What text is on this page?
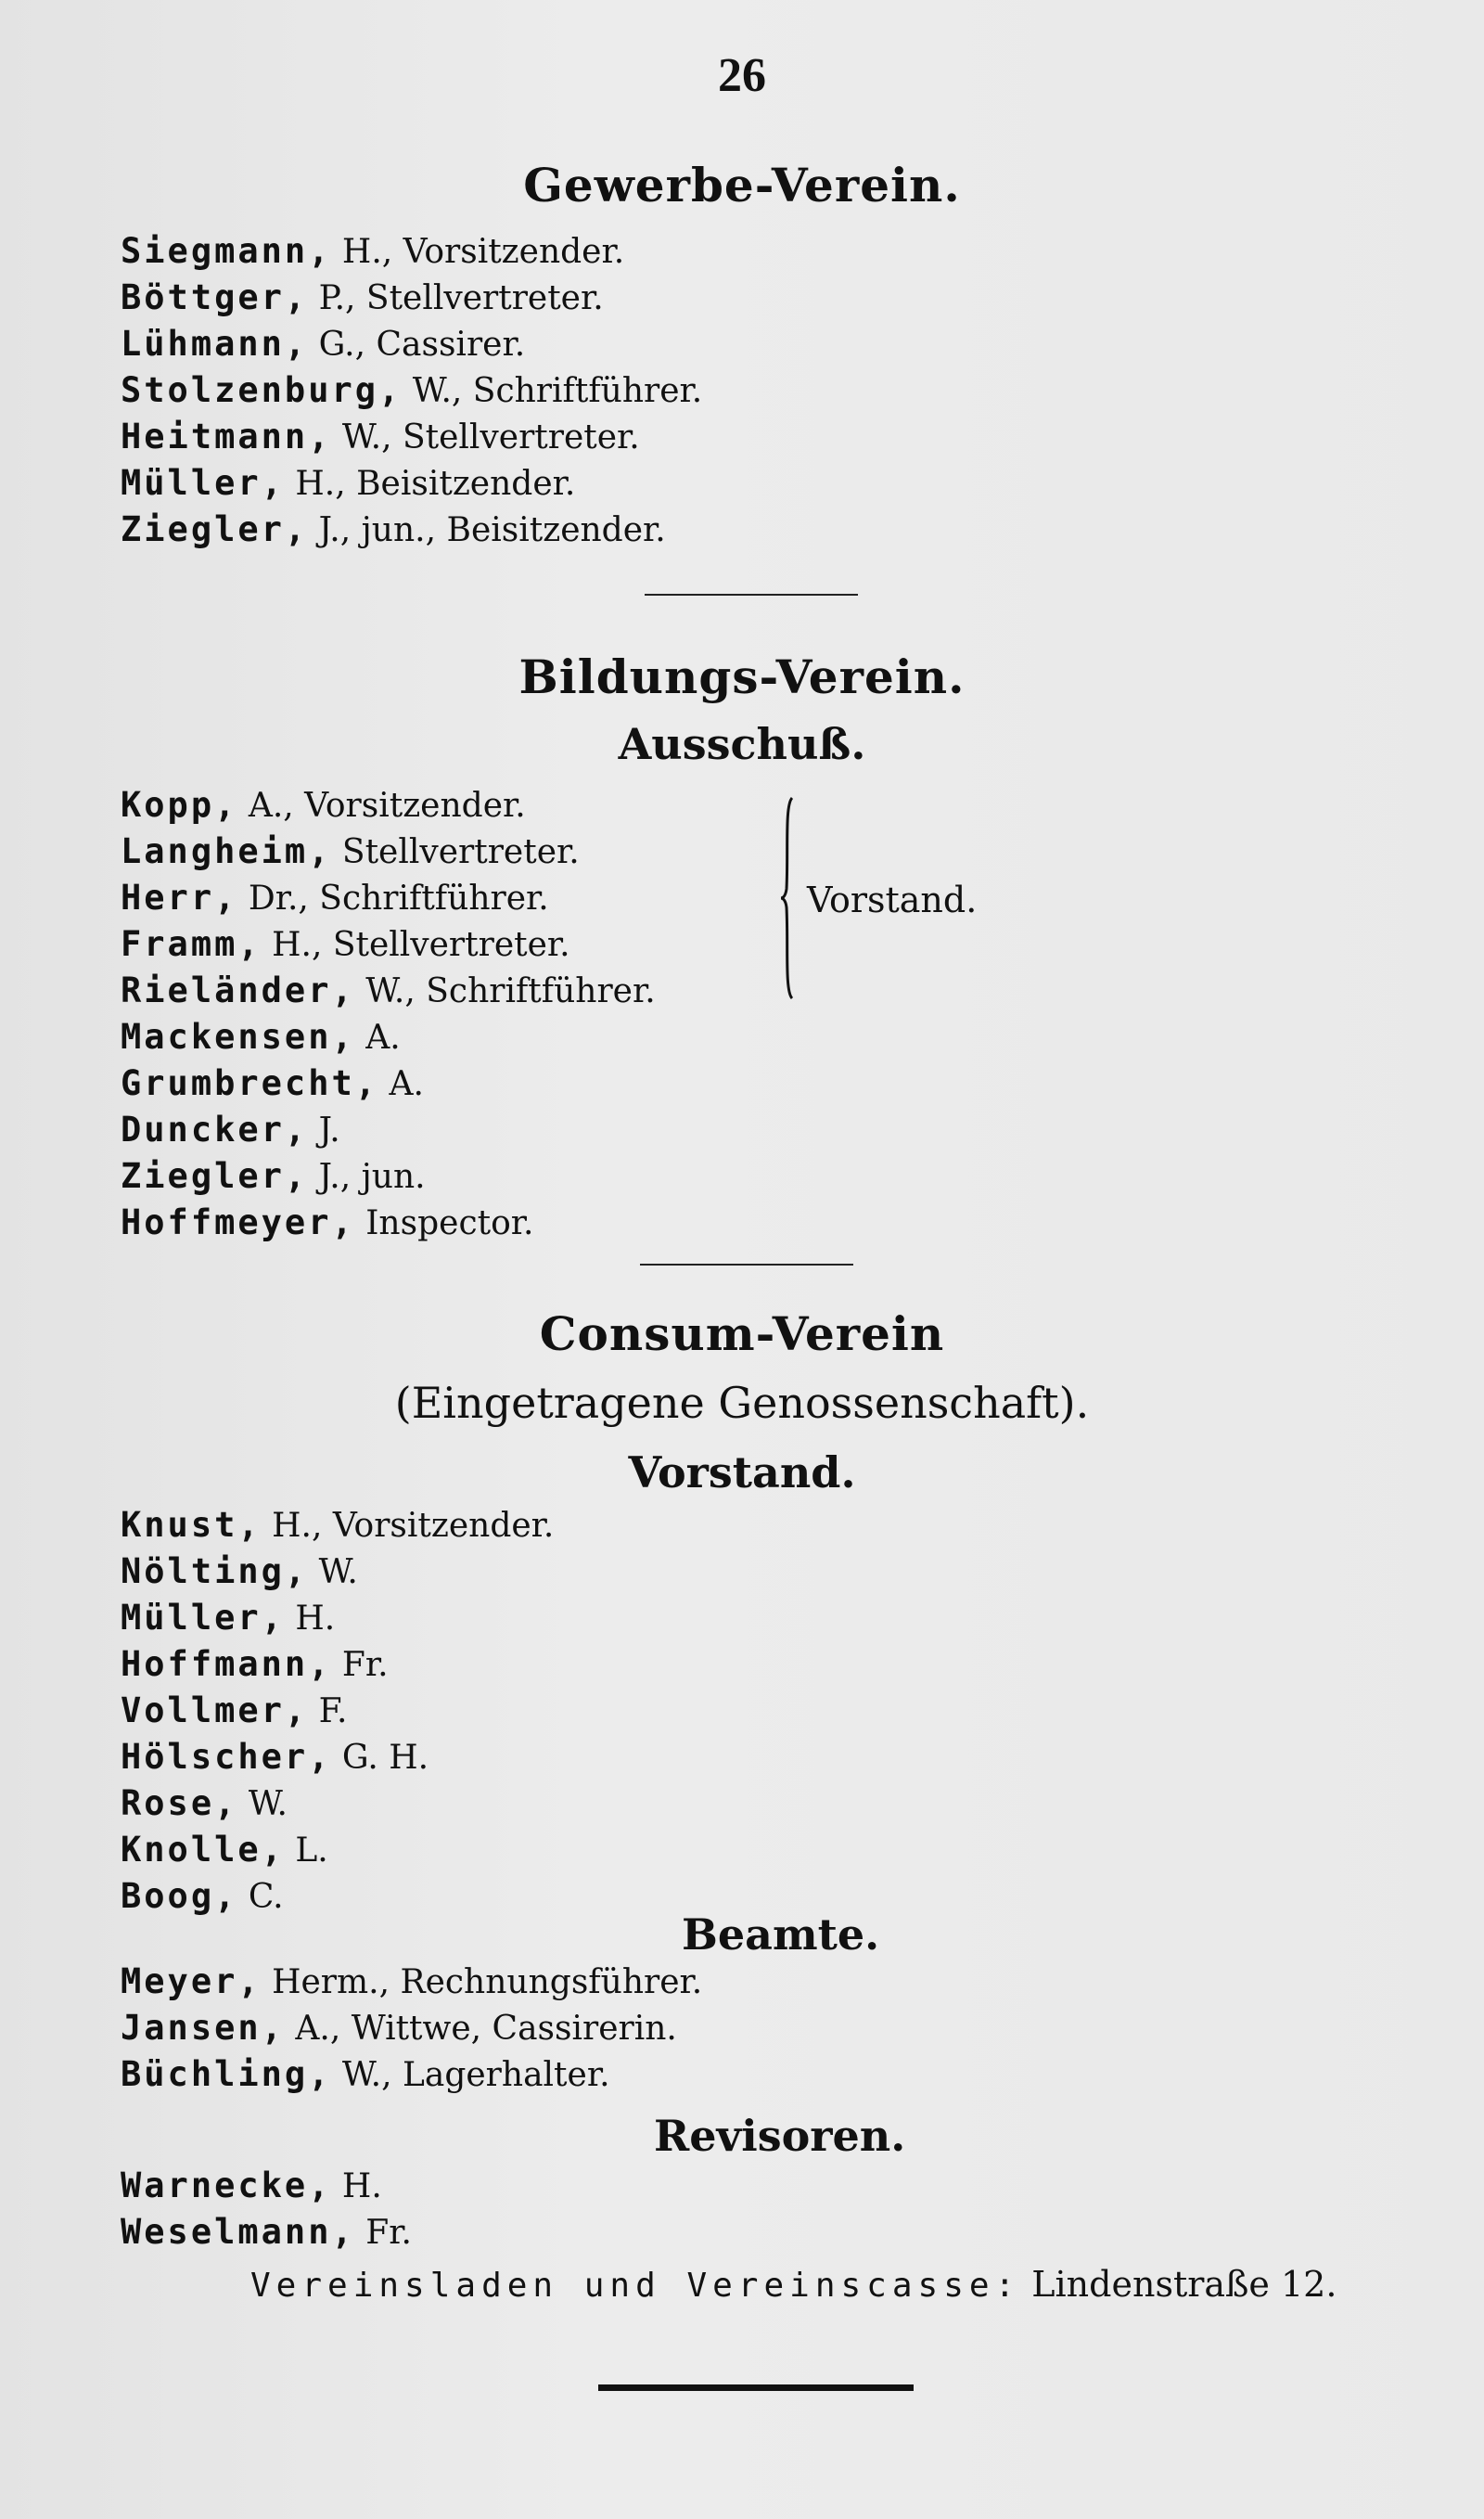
26
Gewerbe-Verein.
Siegmann, H., Vorsitzender.
Böttger, P., Stellvertreter.
Lühmann, G., Cassirer.
Stolzenburg, W., Schriftführer.
Heitmann, W., Stellvertreter.
Müller, H., Beisitzender.
Ziegler, J., jun., Beisitzender.
Bildungs-Verein.
Ausschuß.
Kopp, A., Vorsitzender.
Langheim, Stellvertreter.
Herr, Dr., Schriftführer.
Framm, H., Stellvertreter.
Rieländer, W., Schriftführer.
Mackensen, A.
Grumbrecht, A.
Duncker, J.
Ziegler, J., jun.
Hoffmeyer, Inspector.
Vorstand.
Consum-Verein
(Eingetragene Genossenschaft).
Vorstand.
Knust, H., Vorsitzender.
Nölting, W.
Müller, H.
Hoffmann, Fr.
Vollmer, F.
Hölscher, G. H.
Rose, W.
Knolle, L.
Boog, C.
Beamte.
Meyer, Herm., Rechnungsführer.
Jansen, A., Wittwe, Cassirerin.
Büchling, W., Lagerhalter.
Revisoren.
Warnecke, H.
Weselmann, Fr.
Vereinsladen und Vereinscasse: Lindenstraße 12.
